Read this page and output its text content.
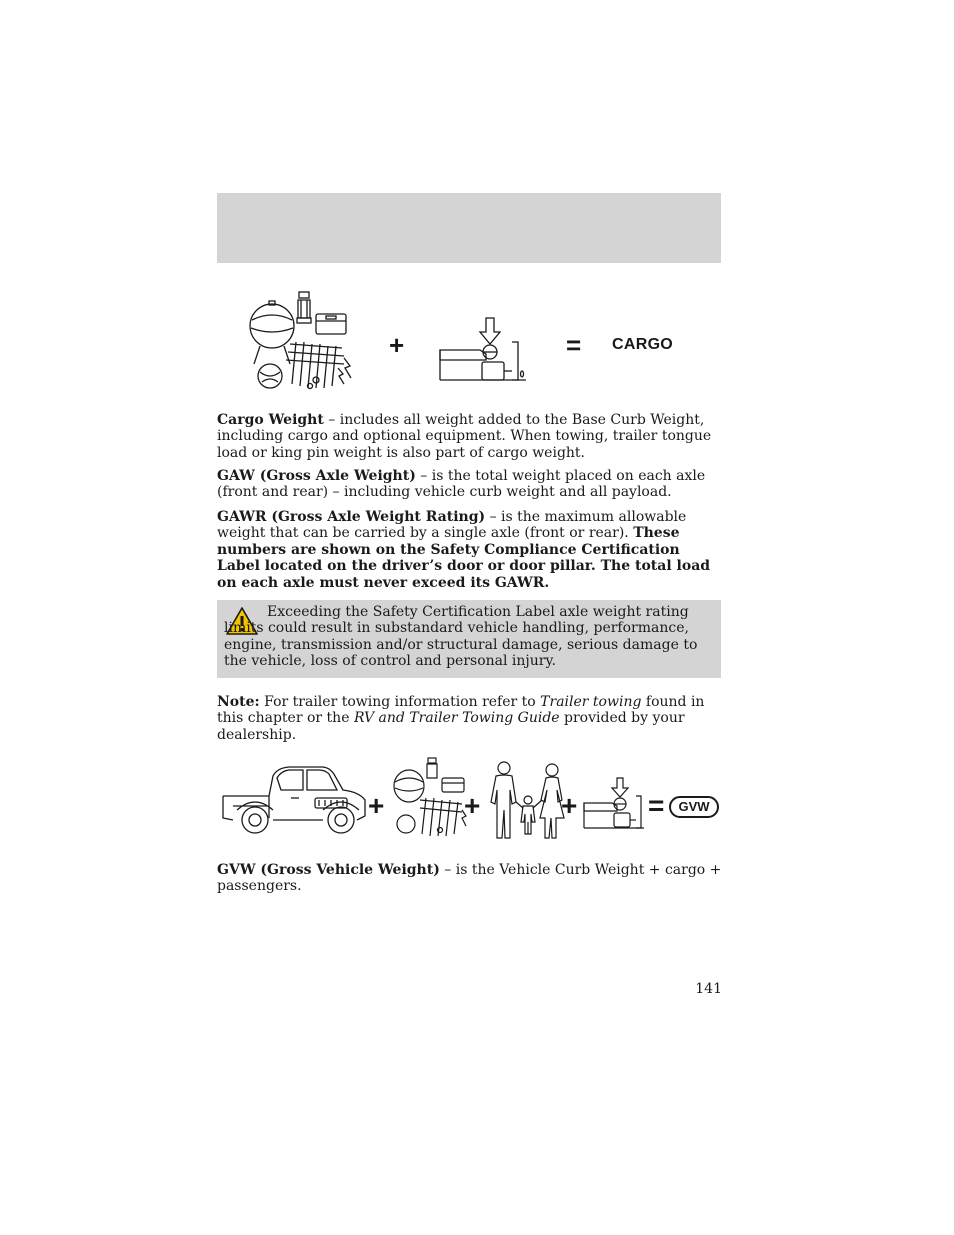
+	= CARGO

Cargo Weight – includes all weight added to the Base Curb Weight, including cargo and optional equipment. When towing, trailer tongue load or king pin weight is also part of cargo weight.

GAW (Gross Axle Weight) – is the total weight placed on each axle (front and rear) – including vehicle curb weight and all payload.

GAWR (Gross Axle Weight Rating) – is the maximum allowable weight that can be carried by a single axle (front or rear). These numbers are shown on the Safety Compliance Certification Label located on the driver’s door or door pillar. The total load on each axle must never exceed its GAWR.

Exceeding the Safety Certification Label axle weight rating limits could result in substandard vehicle handling, performance, engine, transmission and/or structural damage, serious damage to the vehicle, loss of control and personal injury.

Note: For trailer towing information refer to Trailer towing found in this chapter or the RV and Trailer Towing Guide provided by your dealership.

+	+	+	=	GVW

GVW (Gross Vehicle Weight) – is the Vehicle Curb Weight + cargo + passengers.

141
